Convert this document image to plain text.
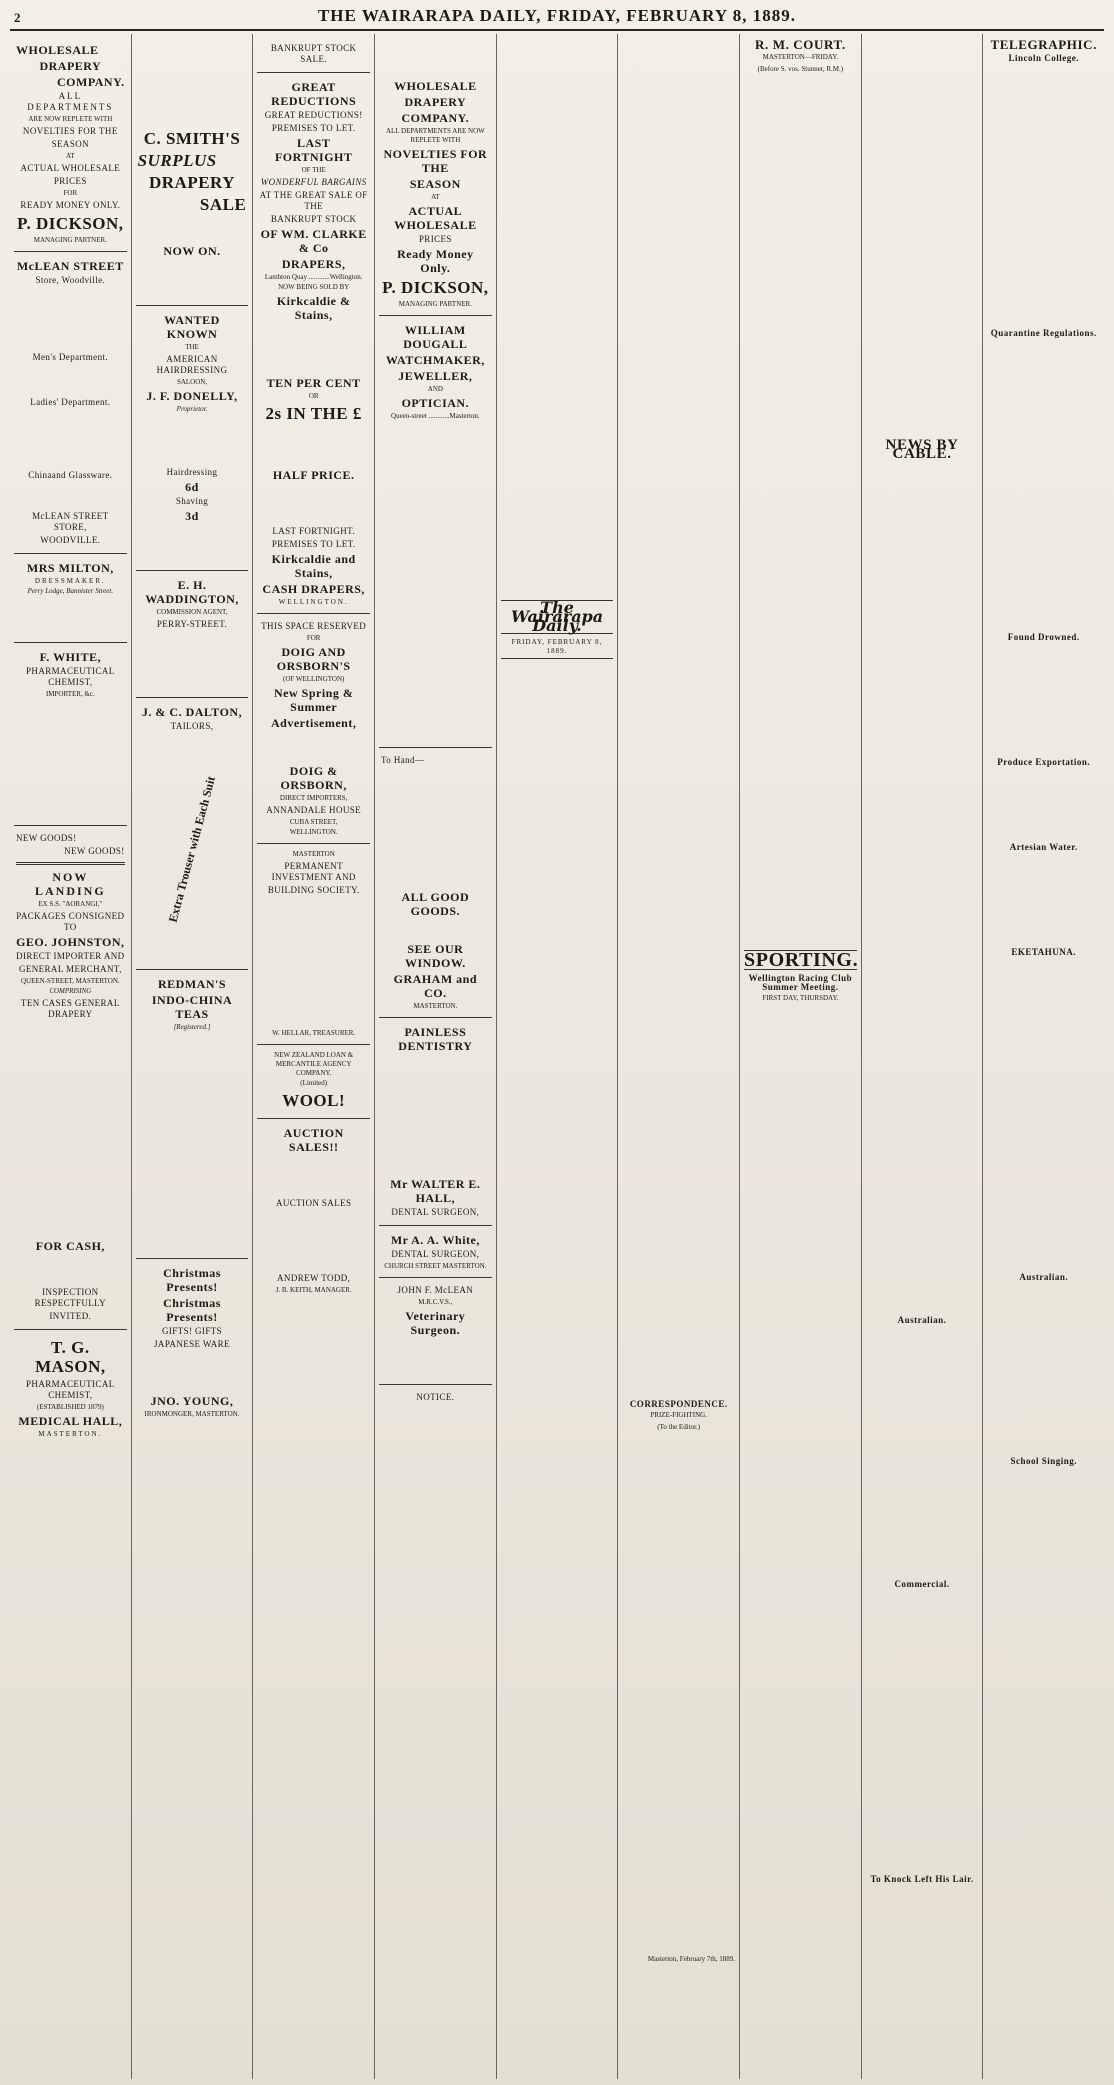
2	THE WAIRARAPA DAILY, FRIDAY, FEBRUARY 8, 1889.
WHOLESALE
DRAPERY
COMPANY.
ALL DEPARTMENTS
ARE NOW REPLETE WITH
NOVELTIES FOR THE
SEASON
AT
ACTUAL WHOLESALE
PRICES
FOR
READY MONEY ONLY.
P. DICKSON,
MANAGING PARTNER.
McLEAN STREET
Store, Woodville.
Men's Department.
Ladies' Department.
Chinaand Glassware.
McLEAN STREET STORE,
WOODVILLE.
MRS MILTON,
DRESSMAKER.
Perry Lodge, Bannister Street.
F. WHITE,
PHARMACEUTICAL CHEMIST,
IMPORTER, &c.
NEW GOODS!
NEW GOODS!
NOW LANDING
EX S.S. "AORANGI,"
PACKAGES CONSIGNED TO
GEO. JOHNSTON,
DIRECT IMPORTER AND
GENERAL MERCHANT,
QUEEN-STREET, MASTERTON.
COMPRISING
TEN CASES GENERAL DRAPERY
FOR CASH,
INSPECTION RESPECTFULLY
INVITED.
T. G. MASON,
PHARMACEUTICAL CHEMIST,
(ESTABLISHED 1879)
MEDICAL HALL,
MASTERTON.
C. SMITH'S
SURPLUS
DRAPERY
SALE
NOW ON.
WANTED KNOWN
THE
AMERICAN HAIRDRESSING
SALOON,
J. F. DONELLY,
Proprietor.
Hairdressing
6d
Shaving
3d
E. H. WADDINGTON,
COMMISSION AGENT,
PERRY-STREET.
J. & C. DALTON,
TAILORS,
Extra Trouser with Each Suit
REDMAN'S
INDO-CHINA TEAS
[Registered.]
Christmas Presents!
Christmas Presents!
GIFTS! GIFTS
JAPANESE WARE
JNO. YOUNG,
IRONMONGER, MASTERTON.
BANKRUPT STOCK SALE.
GREAT REDUCTIONS
GREAT REDUCTIONS!
PREMISES TO LET.
LAST FORTNIGHT
OF THE
WONDERFUL BARGAINS
AT THE GREAT SALE OF THE
BANKRUPT STOCK
OF WM. CLARKE & Co
DRAPERS,
Lambton Quay ............Wellington.
NOW BEING SOLD BY
Kirkcaldie & Stains,
TEN PER CENT
OR
2s IN THE £
HALF PRICE.
LAST FORTNIGHT.
PREMISES TO LET.
Kirkcaldie and Stains,
CASH DRAPERS,
WELLINGTON.
THIS SPACE RESERVED
FOR
DOIG AND ORSBORN'S
(OF WELLINGTON)
New Spring & Summer
Advertisement,
DOIG & ORSBORN,
DIRECT IMPORTERS,
ANNANDALE HOUSE
CUBA STREET,
WELLINGTON.
MASTERTON
PERMANENT INVESTMENT AND
BUILDING SOCIETY.
W. HELLAR, TREASURER.
NEW ZEALAND LOAN & MERCANTILE AGENCY COMPANY.
(Limited)
WOOL!
AUCTION SALES!!
AUCTION SALES
ANDREW TODD,
J. B. KEITH, MANAGER.
WHOLESALE
DRAPERY
COMPANY.
ALL DEPARTMENTS ARE NOW REPLETE WITH
NOVELTIES FOR THE
SEASON
AT
ACTUAL WHOLESALE
PRICES
Ready Money Only.
P. DICKSON,
MANAGING PARTNER.
WILLIAM DOUGALL
WATCHMAKER,
JEWELLER,
AND
OPTICIAN.
Queen-street ............Masterton.
To Hand—
ALL GOOD GOODS.
SEE OUR WINDOW.
GRAHAM and CO.
MASTERTON.
PAINLESS DENTISTRY
Mr WALTER E. HALL,
DENTAL SURGEON,
Mr A. A. White,
DENTAL SURGEON,
CHURCH STREET MASTERTON.
JOHN F. McLEAN
M.R.C.V.S.,
Veterinary Surgeon.
NOTICE.
The Wairarapa Daily.
FRIDAY, FEBRUARY 8, 1889.
CORRESPONDENCE.
PRIZE-FIGHTING.
(To the Editor.)
Masterton, February 7th, 1889.
R. M. COURT.
MASTERTON—FRIDAY.
(Before S. vos. Stunner, R.M.)
SPORTING.
Wellington Racing Club Summer Meeting.
FIRST DAY, THURSDAY.
NEWS BY CABLE.
Australian.
Commercial.
To Knock Left His Lair.
TELEGRAPHIC.
Lincoln College.
Quarantine Regulations.
Found Drowned.
Produce Exportation.
Artesian Water.
EKETAHUNA.
Australian.
School Singing.
